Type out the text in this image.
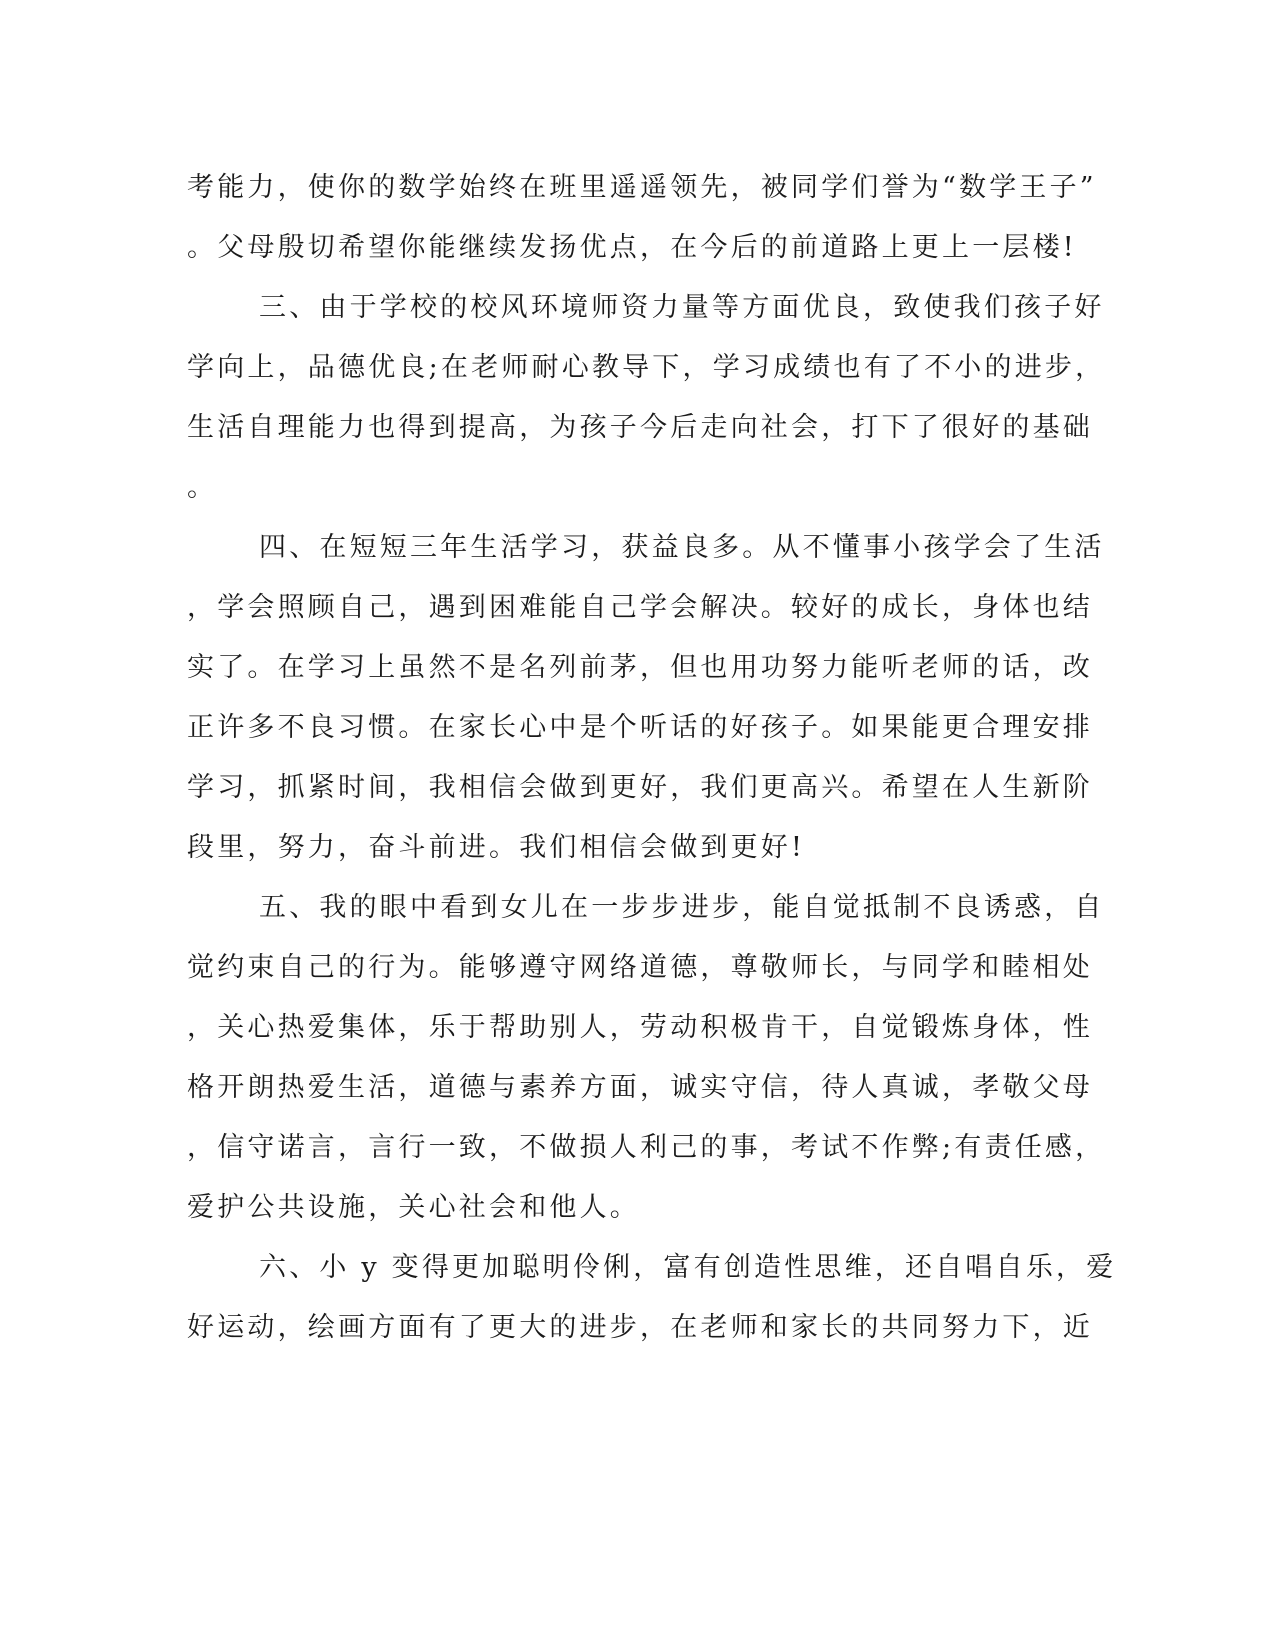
考能力，使你的数学始终在班里遥遥领先，被同学们誉为“数学王子”
。父母殷切希望你能继续发扬优点，在今后的前道路上更上一层楼!
三、由于学校的校风环境师资力量等方面优良，致使我们孩子好
学向上，品德优良;在老师耐心教导下，学习成绩也有了不小的进步，
生活自理能力也得到提高，为孩子今后走向社会，打下了很好的基础
。
四、在短短三年生活学习，获益良多。从不懂事小孩学会了生活
，学会照顾自己，遇到困难能自己学会解决。较好的成长，身体也结
实了。在学习上虽然不是名列前茅，但也用功努力能听老师的话，改
正许多不良习惯。在家长心中是个听话的好孩子。如果能更合理安排
学习，抓紧时间，我相信会做到更好，我们更高兴。希望在人生新阶
段里，努力，奋斗前进。我们相信会做到更好!
五、我的眼中看到女儿在一步步进步，能自觉抵制不良诱惑，自
觉约束自己的行为。能够遵守网络道德，尊敬师长，与同学和睦相处
，关心热爱集体，乐于帮助别人，劳动积极肯干，自觉锻炼身体，性
格开朗热爱生活，道德与素养方面，诚实守信，待人真诚，孝敬父母
，信守诺言，言行一致，不做损人利己的事，考试不作弊;有责任感，
爱护公共设施，关心社会和他人。
六、小 y 变得更加聪明伶俐，富有创造性思维，还自唱自乐，爱
好运动，绘画方面有了更大的进步，在老师和家长的共同努力下，近
